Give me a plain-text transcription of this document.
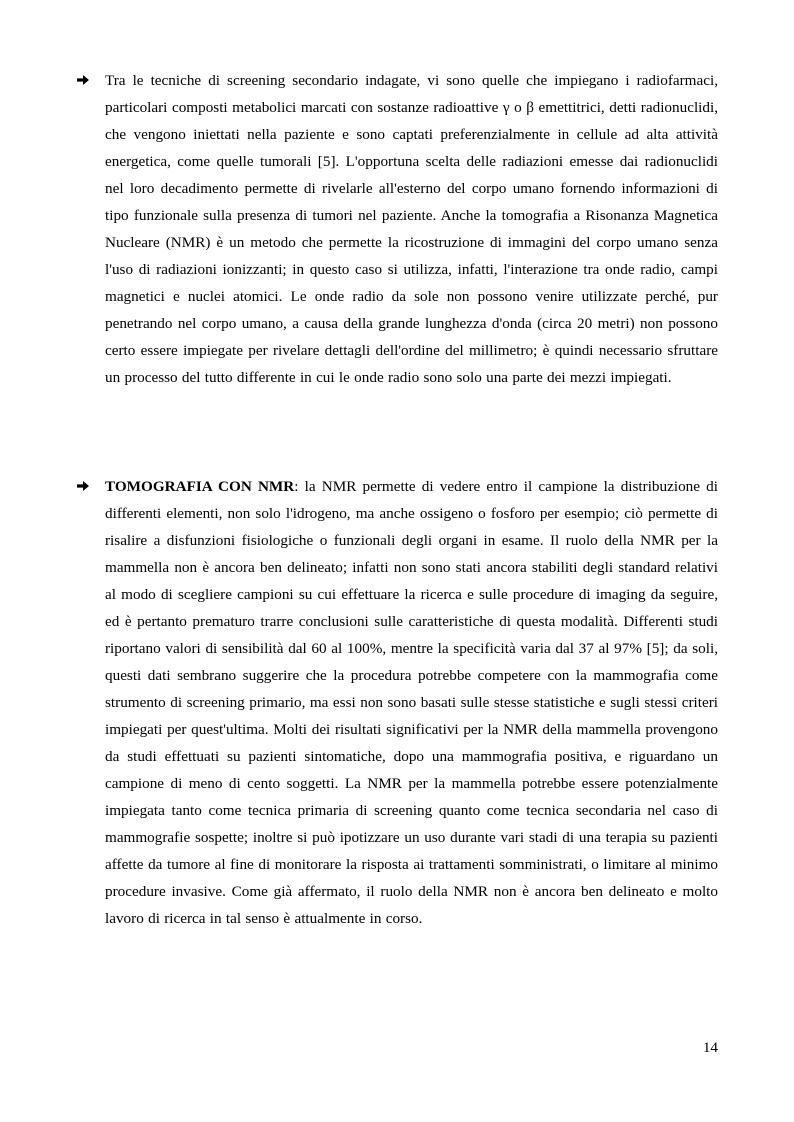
Tra le tecniche di screening secondario indagate, vi sono quelle che impiegano i radiofarmaci, particolari composti metabolici marcati con sostanze radioattive γ o β emettitrici, detti radionuclidi, che vengono iniettati nella paziente e sono captati preferenzialmente in cellule ad alta attività energetica, come quelle tumorali [5]. L'opportuna scelta delle radiazioni emesse dai radionuclidi nel loro decadimento permette di rivelarle all'esterno del corpo umano fornendo informazioni di tipo funzionale sulla presenza di tumori nel paziente. Anche la tomografia a Risonanza Magnetica Nucleare (NMR) è un metodo che permette la ricostruzione di immagini del corpo umano senza l'uso di radiazioni ionizzanti; in questo caso si utilizza, infatti, l'interazione tra onde radio, campi magnetici e nuclei atomici. Le onde radio da sole non possono venire utilizzate perché, pur penetrando nel corpo umano, a causa della grande lunghezza d'onda (circa 20 metri) non possono certo essere impiegate per rivelare dettagli dell'ordine del millimetro; è quindi necessario sfruttare un processo del tutto differente in cui le onde radio sono solo una parte dei mezzi impiegati.

TOMOGRAFIA CON NMR: la NMR permette di vedere entro il campione la distribuzione di differenti elementi, non solo l'idrogeno, ma anche ossigeno o fosforo per esempio; ciò permette di risalire a disfunzioni fisiologiche o funzionali degli organi in esame. Il ruolo della NMR per la mammella non è ancora ben delineato; infatti non sono stati ancora stabiliti degli standard relativi al modo di scegliere campioni su cui effettuare la ricerca e sulle procedure di imaging da seguire, ed è pertanto prematuro trarre conclusioni sulle caratteristiche di questa modalità. Differenti studi riportano valori di sensibilità dal 60 al 100%, mentre la specificità varia dal 37 al 97% [5]; da soli, questi dati sembrano suggerire che la procedura potrebbe competere con la mammografia come strumento di screening primario, ma essi non sono basati sulle stesse statistiche e sugli stessi criteri impiegati per quest'ultima. Molti dei risultati significativi per la NMR della mammella provengono da studi effettuati su pazienti sintomatiche, dopo una mammografia positiva, e riguardano un campione di meno di cento soggetti. La NMR per la mammella potrebbe essere potenzialmente impiegata tanto come tecnica primaria di screening quanto come tecnica secondaria nel caso di mammografie sospette; inoltre si può ipotizzare un uso durante vari stadi di una terapia su pazienti affette da tumore al fine di monitorare la risposta ai trattamenti somministrati, o limitare al minimo procedure invasive. Come già affermato, il ruolo della NMR non è ancora ben delineato e molto lavoro di ricerca in tal senso è attualmente in corso.

14
